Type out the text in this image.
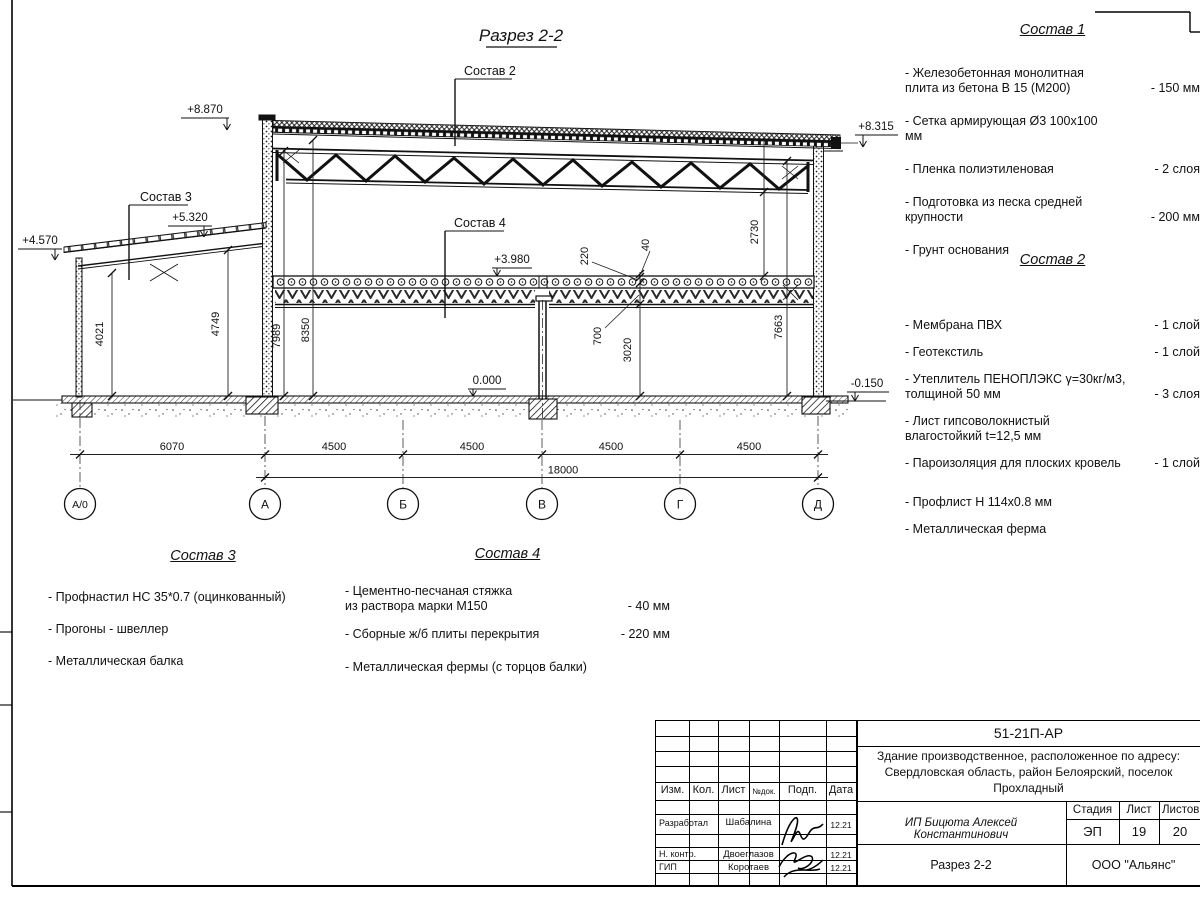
Разрез 2-2
4021	4749	7989 8350
2730
7663
3020
700
220
40
+8.870
+8.315
+5.320
+4.570
+3.980
0.000	-0.150
Состав 2
Состав 3
Состав 4
6070	4500	4500	4500	4500
18000
А/0	А	Б	В	Г	Д
Состав 1
- Железобетонная монолитная плита из бетона В 15 (М200)	- 150 мм
- Сетка армирующая Ø3 100х100 мм
- Пленка полиэтиленовая	- 2 слоя
- Подготовка из песка средней крупности	- 200 мм
- Грунт основания
Состав 2
- Мембрана ПВХ	- 1 слой
- Геотекстиль	- 1 слой
- Утеплитель ПЕНОПЛЭКС γ=30кг/м3, толщиной 50 мм	- 3 слоя
- Лист гипсоволокнистый влагостойкий t=12,5 мм
- Пароизоляция для плоских кровель	- 1 слой
- Профлист Н 114х0.8 мм
- Металлическая ферма
Состав 3
- Профнастил НС 35*0.7 (оцинкованный)
- Прогоны - швеллер
- Металлическая балка
Состав 4
- Цементно-песчаная стяжка из раствора марки М150	- 40 мм
- Сборные ж/б плиты перекрытия	- 220 мм
- Металлическая фермы (с торцов балки)
Изм. Кол. Лист №док.	Подп.	Дата
Разработал	Шабалина	12.21
Н. контр.	Двоеглазов	12.21
ГИП	Коротаев	12.21
51-21П-АР
Здание производственное, расположенное по адресу:
Свердловская область, район Белоярский, поселок
Прохладный
ИП Бицюта Алексей Константинович
Стадия	Лист Листов
ЭП	19	20
Разрез 2-2	ООО "Альянс"
